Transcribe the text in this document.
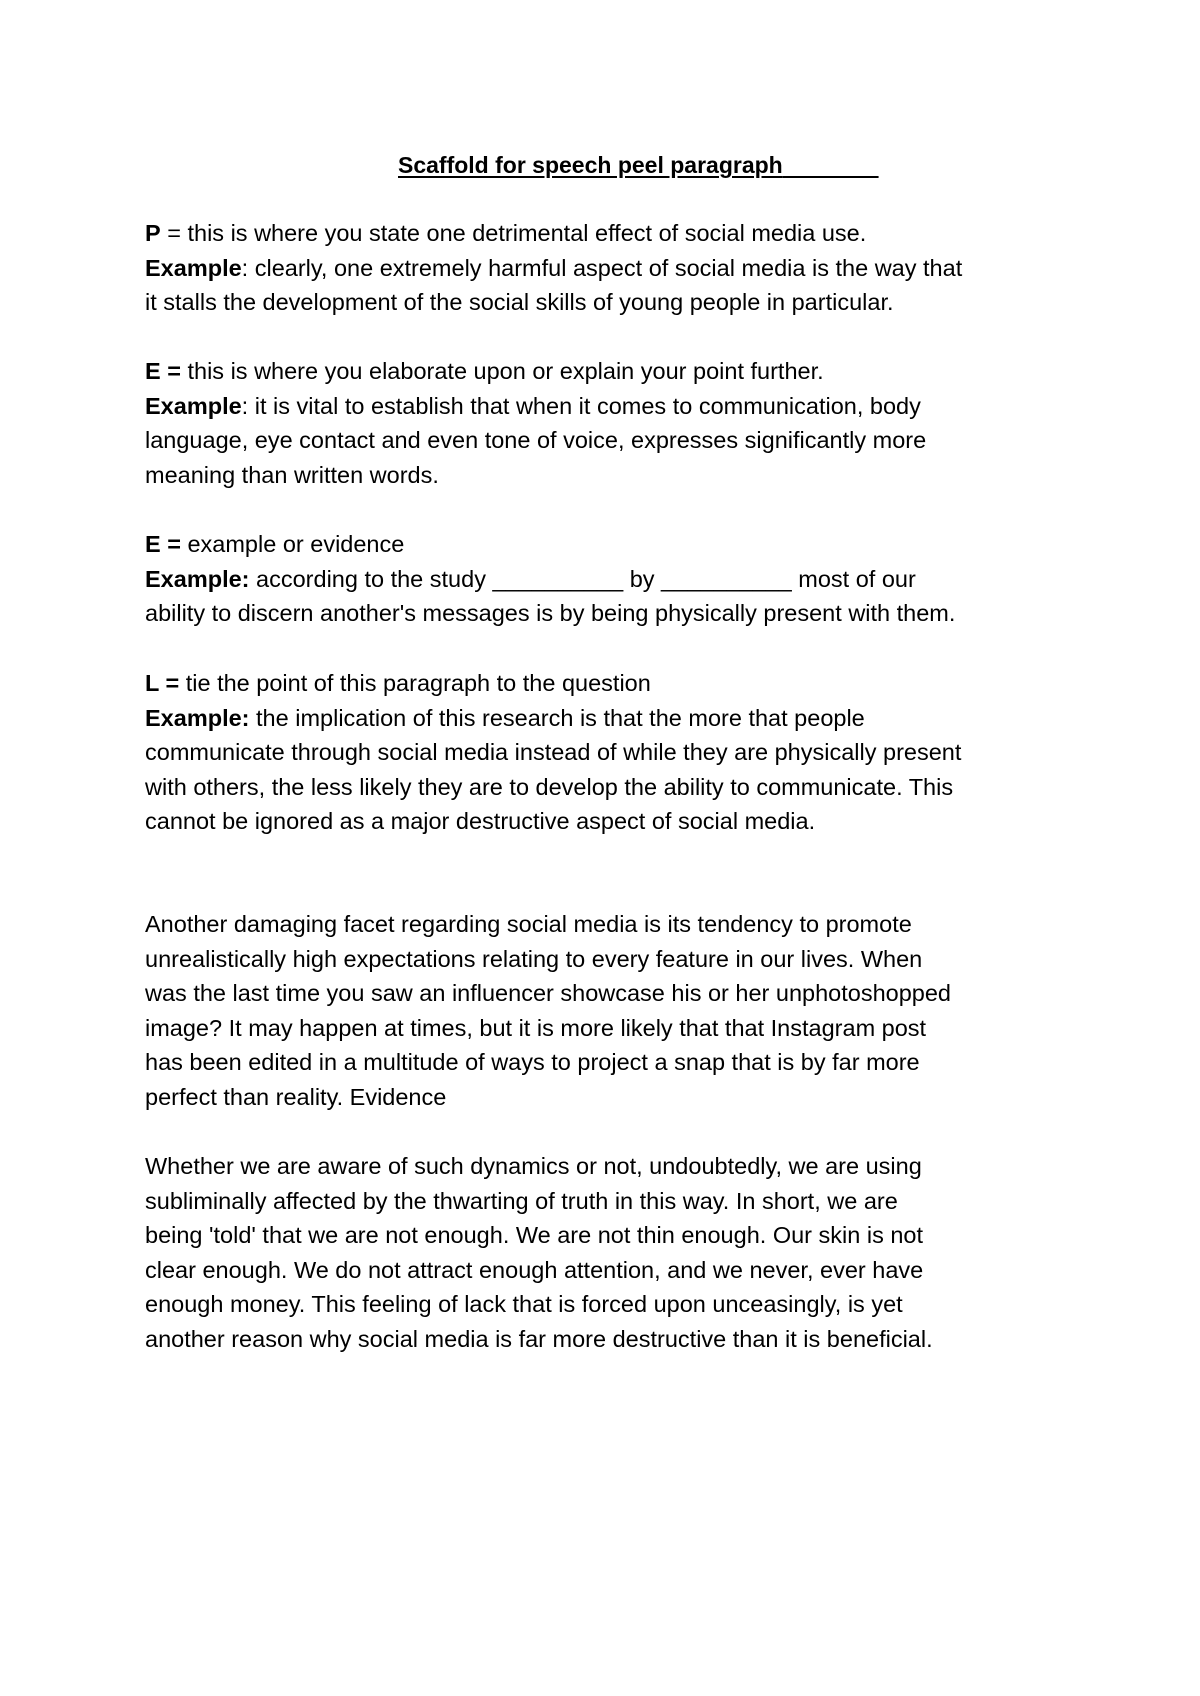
Scaffold for speech peel paragraph
P = this is where you state one detrimental effect of social media use.
Example: clearly, one extremely harmful aspect of social media is the way that
it stalls the development of the social skills of young people in particular.
E = this is where you elaborate upon or explain your point further.
Example: it is vital to establish that when it comes to communication, body
language, eye contact and even tone of voice, expresses significantly more
meaning than written words.
E = example or evidence
Example: according to the study __________ by __________ most of our
ability to discern another's messages is by being physically present with them.
L = tie the point of this paragraph to the question
Example: the implication of this research is that the more that people
communicate through social media instead of while they are physically present
with others, the less likely they are to develop the ability to communicate. This
cannot be ignored as a major destructive aspect of social media.
Another damaging facet regarding social media is its tendency to promote
unrealistically high expectations relating to every feature in our lives. When
was the last time you saw an influencer showcase his or her unphotoshopped
image? It may happen at times, but it is more likely that that Instagram post
has been edited in a multitude of ways to project a snap that is by far more
perfect than reality. Evidence
Whether we are aware of such dynamics or not, undoubtedly, we are using
subliminally affected by the thwarting of truth in this way. In short, we are
being 'told' that we are not enough. We are not thin enough. Our skin is not
clear enough. We do not attract enough attention, and we never, ever have
enough money. This feeling of lack that is forced upon unceasingly, is yet
another reason why social media is far more destructive than it is beneficial.
